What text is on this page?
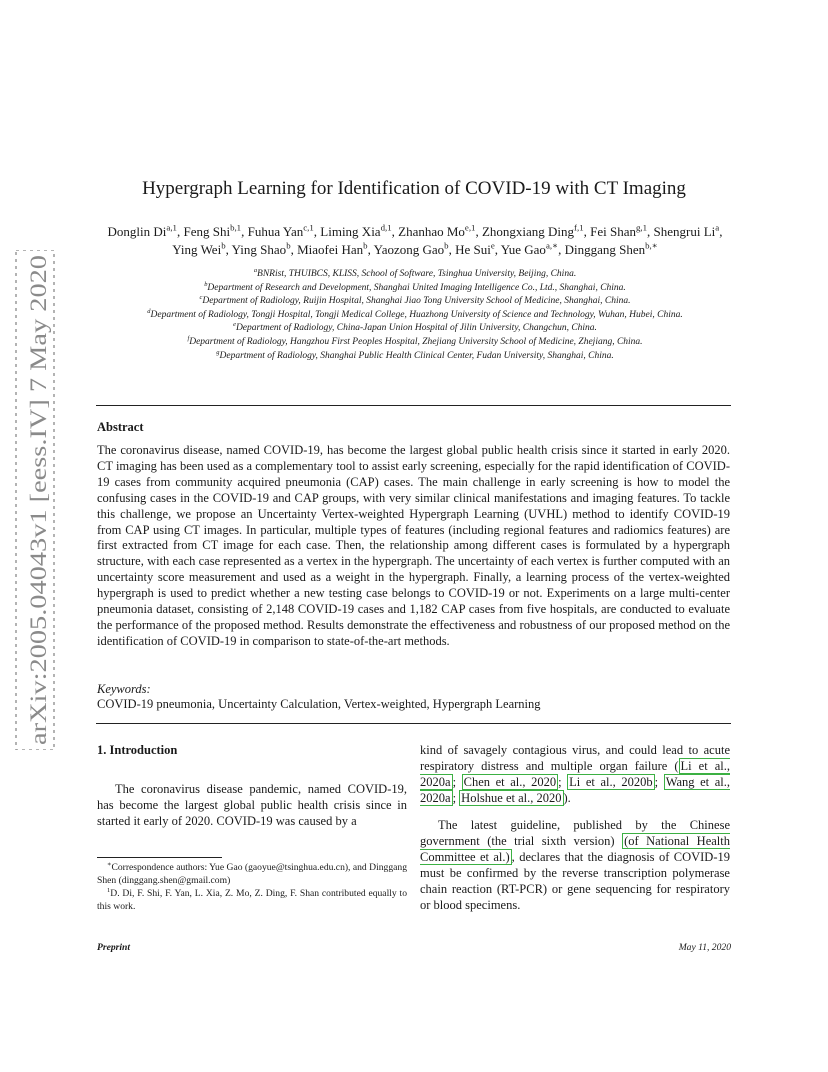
arXiv:2005.04043v1 [eess.IV] 7 May 2020
Hypergraph Learning for Identification of COVID-19 with CT Imaging
Donglin Di$^{a,1}$, Feng Shi$^{b,1}$, Fuhua Yan$^{c,1}$, Liming Xia$^{d,1}$, Zhanhao Mo$^{e,1}$, Zhongxiang Ding$^{f,1}$, Fei Shan$^{g,1}$, Shengrui Li$^a$, Ying Wei$^b$, Ying Shao$^b$, Miaofei Han$^b$, Yaozong Gao$^b$, He Sui$^e$, Yue Gao$^{a,∗}$, Dinggang Shen$^{b,∗}$
$^a$BNRist, THUIBCS, KLISS, School of Software, Tsinghua University, Beijing, China.
$^b$Department of Research and Development, Shanghai United Imaging Intelligence Co., Ltd., Shanghai, China.
$^c$Department of Radiology, Ruijin Hospital, Shanghai Jiao Tong University School of Medicine, Shanghai, China.
$^d$Department of Radiology, Tongji Hospital, Tongji Medical College, Huazhong University of Science and Technology, Wuhan, Hubei, China.
$^e$Department of Radiology, China-Japan Union Hospital of Jilin University, Changchun, China.
$^f$Department of Radiology, Hangzhou First Peoples Hospital, Zhejiang University School of Medicine, Zhejiang, China.
$^g$Department of Radiology, Shanghai Public Health Clinical Center, Fudan University, Shanghai, China.
Abstract
The coronavirus disease, named COVID-19, has become the largest global public health crisis since it started in early 2020. CT imaging has been used as a complementary tool to assist early screening, especially for the rapid identification of COVID-19 cases from community acquired pneumonia (CAP) cases. The main challenge in early screening is how to model the confusing cases in the COVID-19 and CAP groups, with very similar clinical manifestations and imaging features. To tackle this challenge, we propose an Uncertainty Vertex-weighted Hypergraph Learning (UVHL) method to identify COVID-19 from CAP using CT images. In particular, multiple types of features (including regional features and radiomics features) are first extracted from CT image for each case. Then, the relationship among different cases is formulated by a hypergraph structure, with each case represented as a vertex in the hypergraph. The uncertainty of each vertex is further computed with an uncertainty score measurement and used as a weight in the hypergraph. Finally, a learning process of the vertex-weighted hypergraph is used to predict whether a new testing case belongs to COVID-19 or not. Experiments on a large multi-center pneumonia dataset, consisting of 2,148 COVID-19 cases and 1,182 CAP cases from five hospitals, are conducted to evaluate the performance of the proposed method. Results demonstrate the effectiveness and robustness of our proposed method on the identification of COVID-19 in comparison to state-of-the-art methods.
Keywords:
COVID-19 pneumonia, Uncertainty Calculation, Vertex-weighted, Hypergraph Learning
1. Introduction
The coronavirus disease pandemic, named COVID-19, has become the largest global public health crisis since in started it early of 2020. COVID-19 was caused by a
kind of savagely contagious virus, and could lead to acute respiratory distress and multiple organ failure ( Li et al., 2020a ; Chen et al., 2020 ; Li et al., 2020b ; Wang et al., 2020a ; Holshue et al., 2020 ).
The latest guideline, published by the Chinese government (the trial sixth version) (of National Health Committee et al.) , declares that the diagnosis of COVID-19 must be confirmed by the reverse transcription polymerase chain reaction (RT-PCR) or gene sequencing for respiratory or blood specimens.

∗Correspondence authors: Yue Gao (gaoyue@tsinghua.edu.cn), and Dinggang Shen (dinggang.shen@gmail.com)

$^1$D. Di, F. Shi, F. Yan, L. Xia, Z. Mo, Z. Ding, F. Shan contributed equally to this work.

Preprint	May 11, 2020
